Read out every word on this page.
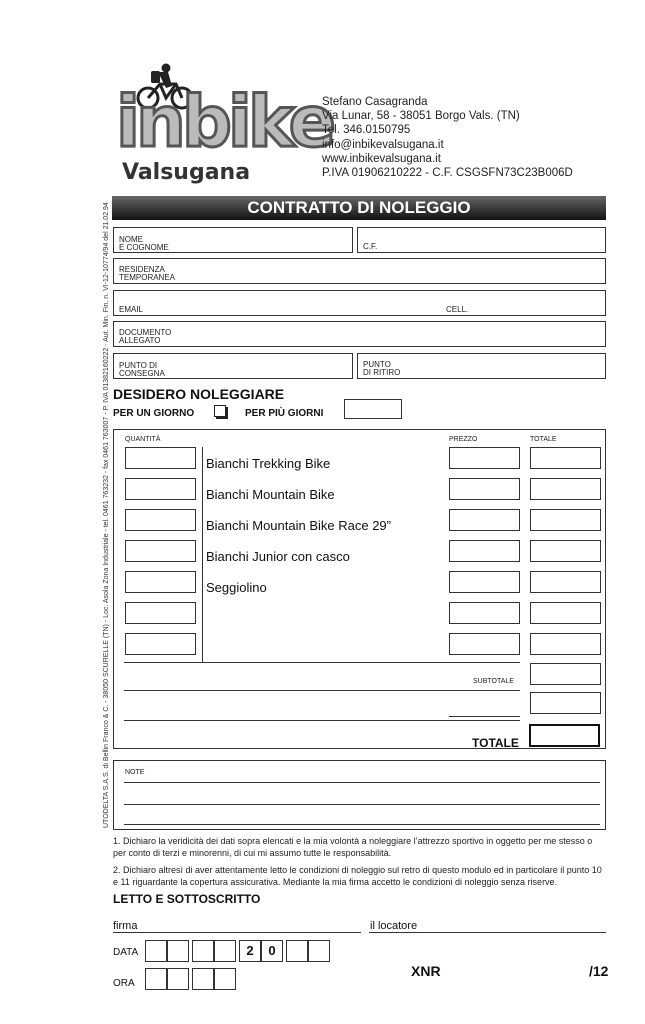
inbike
Valsugana
Stefano Casagranda
Via Lunar, 58 - 38051 Borgo Vals. (TN)
Tel. 346.0150795
info@inbikevalsugana.it
www.inbikevalsugana.it
P.IVA 01906210222 - C.F. CSGSFN73C23B006D
CONTRATTO DI NOLEGGIO
UTODELTA S.A.S. di Bellin Franco & C. - 38050 SCURELLE (TN) - Loc. Asola Zona Industriale - tel. 0461 763232 - fax 0461 763007 - P. IVA 01382160222 - Aut. Min. Fin. n. VI-12-10774/94 del 21.02.94 NOME
E COGNOME	C.F.
RESIDENZA
TEMPORANEA
EMAIL	CELL.
DOCUMENTO
ALLEGATO
PUNTO DI
CONSEGNA
PUNTO
DI RITIRO
DESIDERO NOLEGGIARE
PER UN GIORNO	PER PIÙ GIORNI
QUANTITÀ	PREZZO	TOTALE
Bianchi Trekking Bike
Bianchi Mountain Bike
Bianchi Mountain Bike Race 29”
Bianchi Junior con casco
Seggiolino
SUBTOTALE
TOTALE
NOTE
1. Dichiaro la veridicità dei dati sopra elencati e la mia volontà a noleggiare l’attrezzo sportivo in oggetto per me stesso o per conto di terzi e minorenni, di cui mi assumo tutte le responsabilità.
2. Dichiaro altresì di aver attentamente letto le condizioni di noleggio sul retro di questo modulo ed in particolare il punto 10 e 11 riguardante la copertura assicurativa. Mediante la mia firma accetto le condizioni di noleggio senza riserve.
LETTO E SOTTOSCRITTO
firma	il locatore
DATA	2	0
ORA
XNR	/12
